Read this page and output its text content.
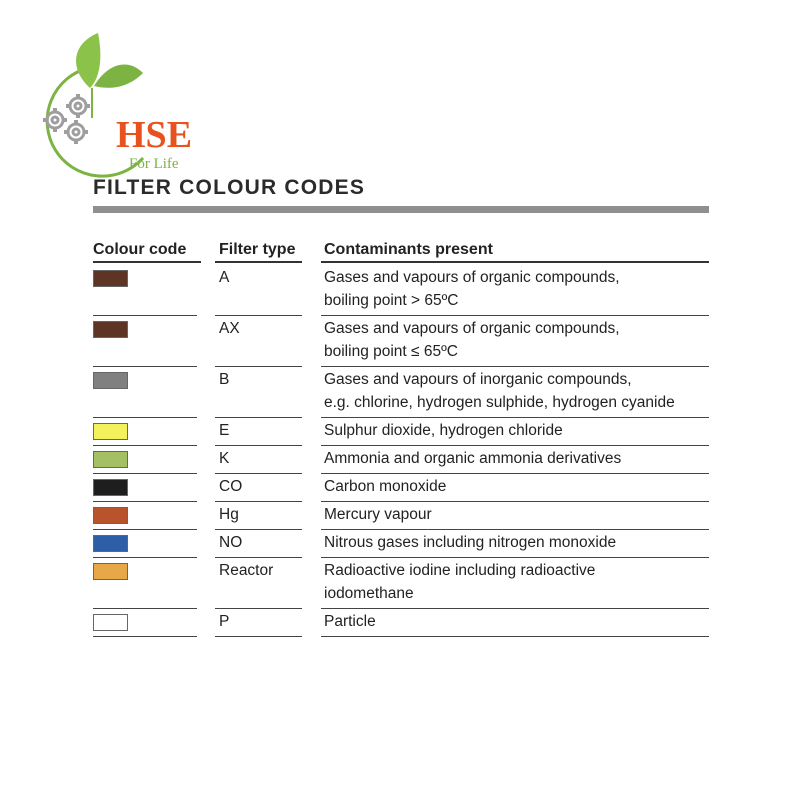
HSE
For Life
FILTER COLOUR CODES
Colour code Filter type Contaminants present
A	Gases and vapours of organic compounds,
boiling point > 65ºC
AX	Gases and vapours of organic compounds,
boiling point ≤ 65ºC
B	Gases and vapours of inorganic compounds,
e.g. chlorine, hydrogen sulphide, hydrogen cyanide
E	Sulphur dioxide, hydrogen chloride
K	Ammonia and organic ammonia derivatives
CO	Carbon monoxide
Hg	Mercury vapour
NO	Nitrous gases including nitrogen monoxide
Reactor	Radioactive iodine including radioactive
iodomethane
P	Particle
